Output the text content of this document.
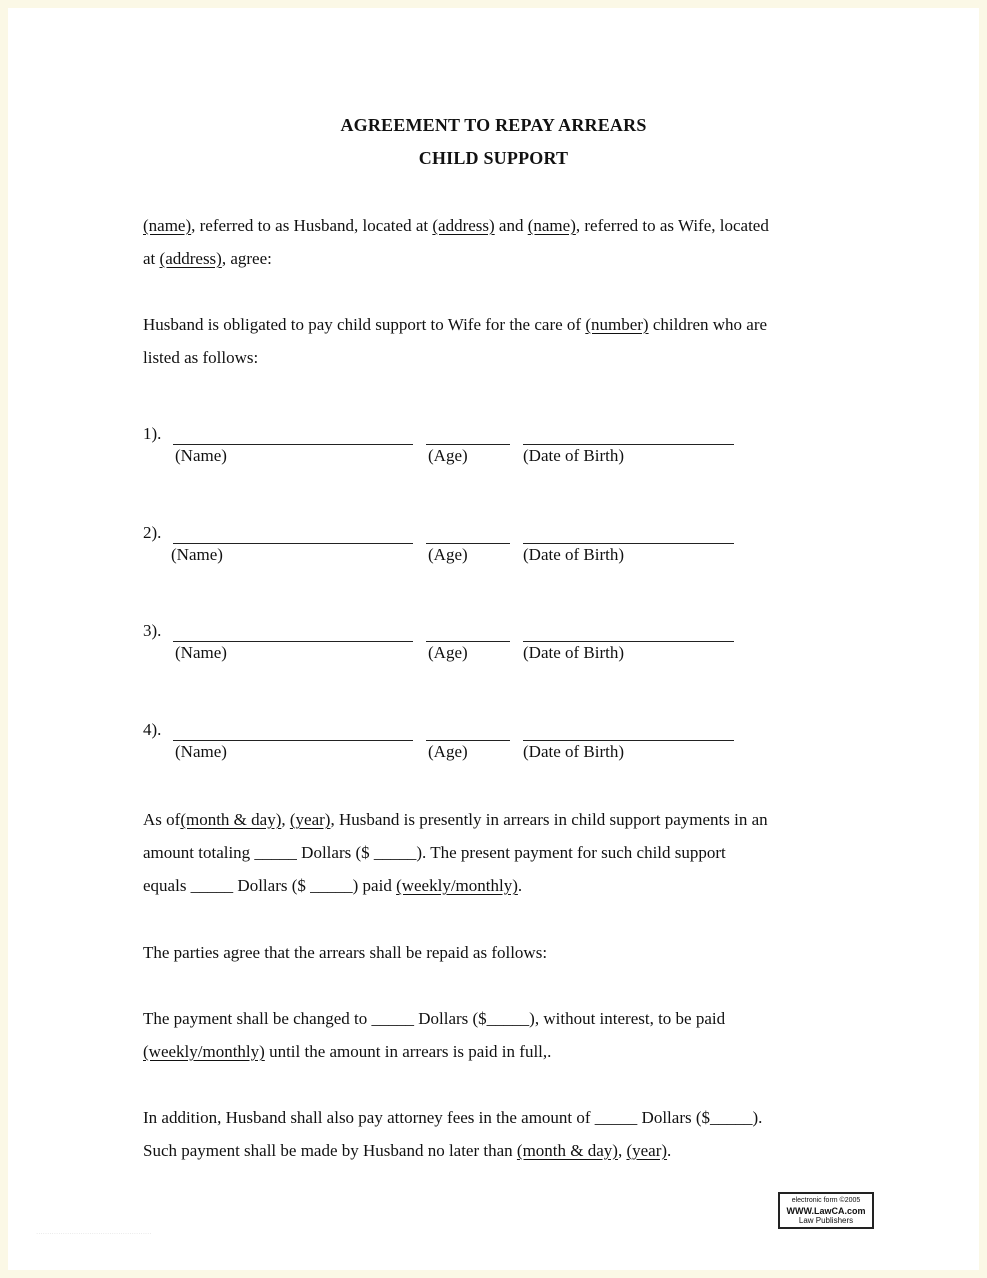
AGREEMENT TO REPAY ARREARS
CHILD SUPPORT

(name), referred to as Husband, located at (address) and (name), referred to as Wife, located
at (address), agree:

Husband is obligated to pay child support to Wife for the care of (number) children who are
listed as follows:

1).
(Name)	(Age)	(Date of Birth)
2).
(Name)	(Age)	(Date of Birth)
3).
(Name)	(Age)	(Date of Birth)
4).
(Name)	(Age)	(Date of Birth)

As of(month & day), (year), Husband is presently in arrears in child support payments in an
amount totaling _____ Dollars ($ _____). The present payment for such child support
equals _____ Dollars ($ _____) paid (weekly/monthly).

The parties agree that the arrears shall be repaid as follows:

The payment shall be changed to _____ Dollars ($_____), without interest, to be paid
(weekly/monthly) until the amount in arrears is paid in full,.

In addition, Husband shall also pay attorney fees in the amount of _____ Dollars ($_____).
Such payment shall be made by Husband no later than (month & day), (year).

electronic form ©2005
WWW.LawCA.com
Law Publishers
....................................................
